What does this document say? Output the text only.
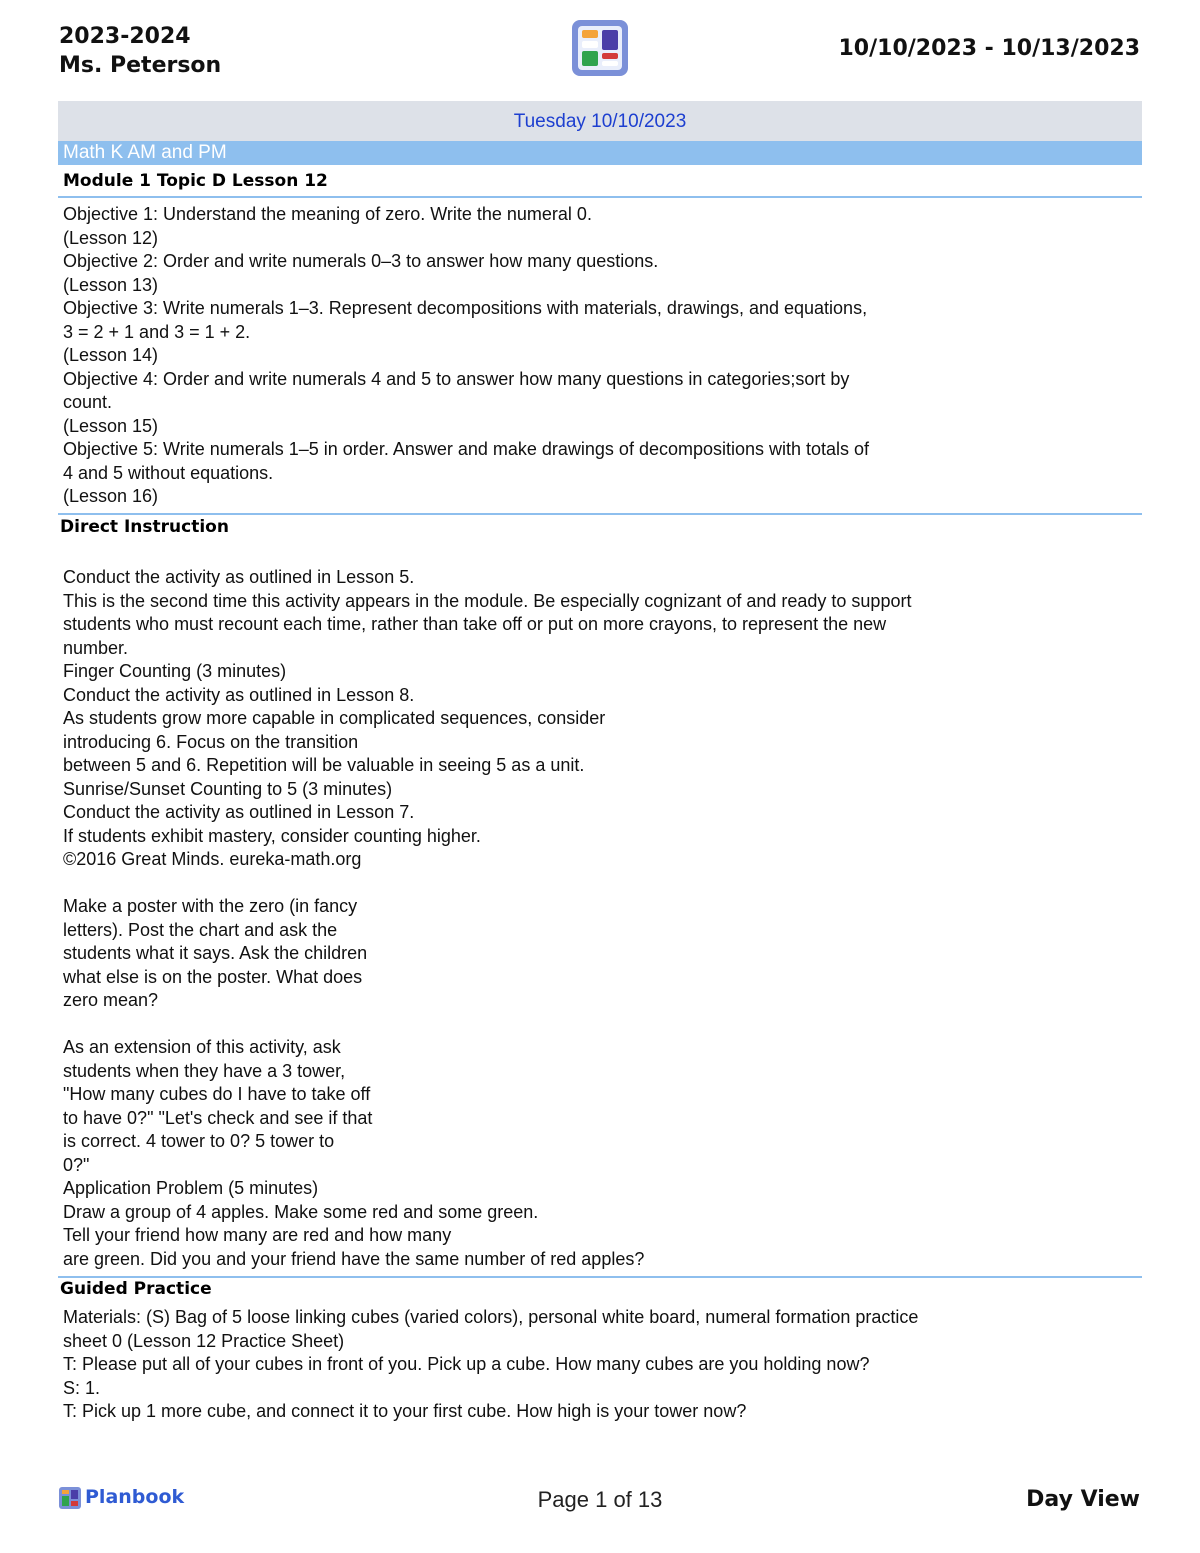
2023-2024
Ms. Peterson
10/10/2023 - 10/13/2023
Tuesday 10/10/2023
Math K AM and PM
Module 1 Topic D Lesson 12
Objective 1: Understand the meaning of zero. Write the numeral 0.
(Lesson 12)
Objective 2: Order and write numerals 0–3 to answer how many questions.
(Lesson 13)
Objective 3: Write numerals 1–3. Represent decompositions with materials, drawings, and equations,
3 = 2 + 1 and 3 = 1 + 2.
(Lesson 14)
Objective 4: Order and write numerals 4 and 5 to answer how many questions in categories;sort by
count.
(Lesson 15)
Objective 5: Write numerals 1–5 in order. Answer and make drawings of decompositions with totals of
4 and 5 without equations.
(Lesson 16)
Direct Instruction
Conduct the activity as outlined in Lesson 5.
This is the second time this activity appears in the module. Be especially cognizant of and ready to support
students who must recount each time, rather than take off or put on more crayons, to represent the new
number.
Finger Counting (3 minutes)
Conduct the activity as outlined in Lesson 8.
As students grow more capable in complicated sequences, consider
introducing 6. Focus on the transition
between 5 and 6. Repetition will be valuable in seeing 5 as a unit.
Sunrise/Sunset Counting to 5 (3 minutes)
Conduct the activity as outlined in Lesson 7.
If students exhibit mastery, consider counting higher.
©2016 Great Minds. eureka-math.org

Make a poster with the zero (in fancy
letters). Post the chart and ask the
students what it says. Ask the children
what else is on the poster. What does
zero mean?

As an extension of this activity, ask
students when they have a 3 tower,
"How many cubes do I have to take off
to have 0?" "Let's check and see if that
is correct. 4 tower to 0? 5 tower to
0?"
Application Problem (5 minutes)
Draw a group of 4 apples. Make some red and some green.
Tell your friend how many are red and how many
are green. Did you and your friend have the same number of red apples?
Guided Practice
Materials: (S) Bag of 5 loose linking cubes (varied colors), personal white board, numeral formation practice
sheet 0 (Lesson 12 Practice Sheet)
T: Please put all of your cubes in front of you. Pick up a cube. How many cubes are you holding now?
S: 1.
T: Pick up 1 more cube, and connect it to your first cube. How high is your tower now?
Planbook	Page 1 of 13	Day View
